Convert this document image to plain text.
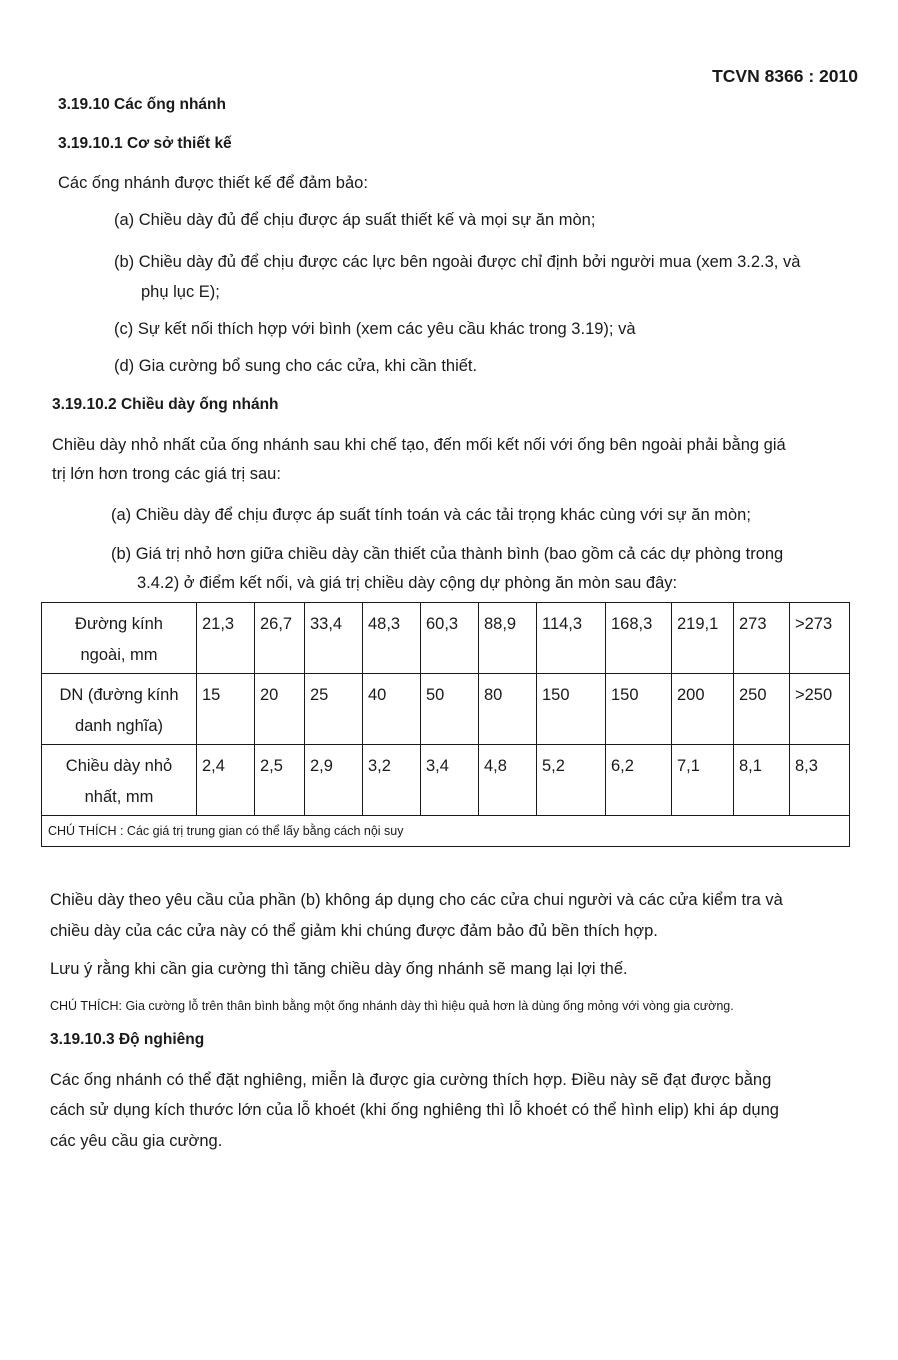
TCVN 8366 : 2010
3.19.10 Các ống nhánh
3.19.10.1 Cơ sở thiết kế
Các ống nhánh được thiết kế để đảm bảo:
(a) Chiều dày đủ để chịu được áp suất thiết kế và mọi sự ăn mòn;
(b) Chiều dày đủ để chịu được các lực bên ngoài được chỉ định bởi người mua (xem 3.2.3, và
phụ lục E);
(c) Sự kết nối thích hợp với bình (xem các yêu cầu khác trong 3.19); và
(d) Gia cường bổ sung cho các cửa, khi cần thiết.
3.19.10.2 Chiều dày ống nhánh
Chiều dày nhỏ nhất của ống nhánh sau khi chế tạo, đến mối kết nối với ống bên ngoài phải bằng giá
trị lớn hơn trong các giá trị sau:
(a) Chiều dày để chịu được áp suất tính toán và các tải trọng khác cùng với sự ăn mòn;
(b) Giá trị nhỏ hơn giữa chiều dày cần thiết của thành bình (bao gồm cả các dự phòng trong
3.4.2) ở điểm kết nối, và giá trị chiều dày cộng dự phòng ăn mòn sau đây:
Đường kính
ngoài, mm	21,3	26,7	33,4	48,3	60,3	88,9	114,3	168,3	219,1	273	>273
DN (đường kính
danh nghĩa)	15	20	25	40	50	80	150	150	200	250	>250
Chiều dày nhỏ
nhất, mm	2,4	2,5	2,9	3,2	3,4	4,8	5,2	6,2	7,1	8,1	8,3
CHÚ THÍCH : Các giá trị trung gian có thể lấy bằng cách nội suy											
Chiều dày theo yêu cầu của phần (b) không áp dụng cho các cửa chui người và các cửa kiểm tra và
chiều dày của các cửa này có thể giảm khi chúng được đảm bảo đủ bền thích hợp.
Lưu ý rằng khi cần gia cường thì tăng chiều dày ống nhánh sẽ mang lại lợi thế.
CHÚ THÍCH: Gia cường lỗ trên thân bình bằng một ống nhánh dày thì hiệu quả hơn là dùng ống mỏng với vòng gia cường.
3.19.10.3 Độ nghiêng
Các ống nhánh có thể đặt nghiêng, miễn là được gia cường thích hợp. Điều này sẽ đạt được bằng
cách sử dụng kích thước lớn của lỗ khoét (khi ống nghiêng thì lỗ khoét có thể hình elip) khi áp dụng
các yêu cầu gia cường.
